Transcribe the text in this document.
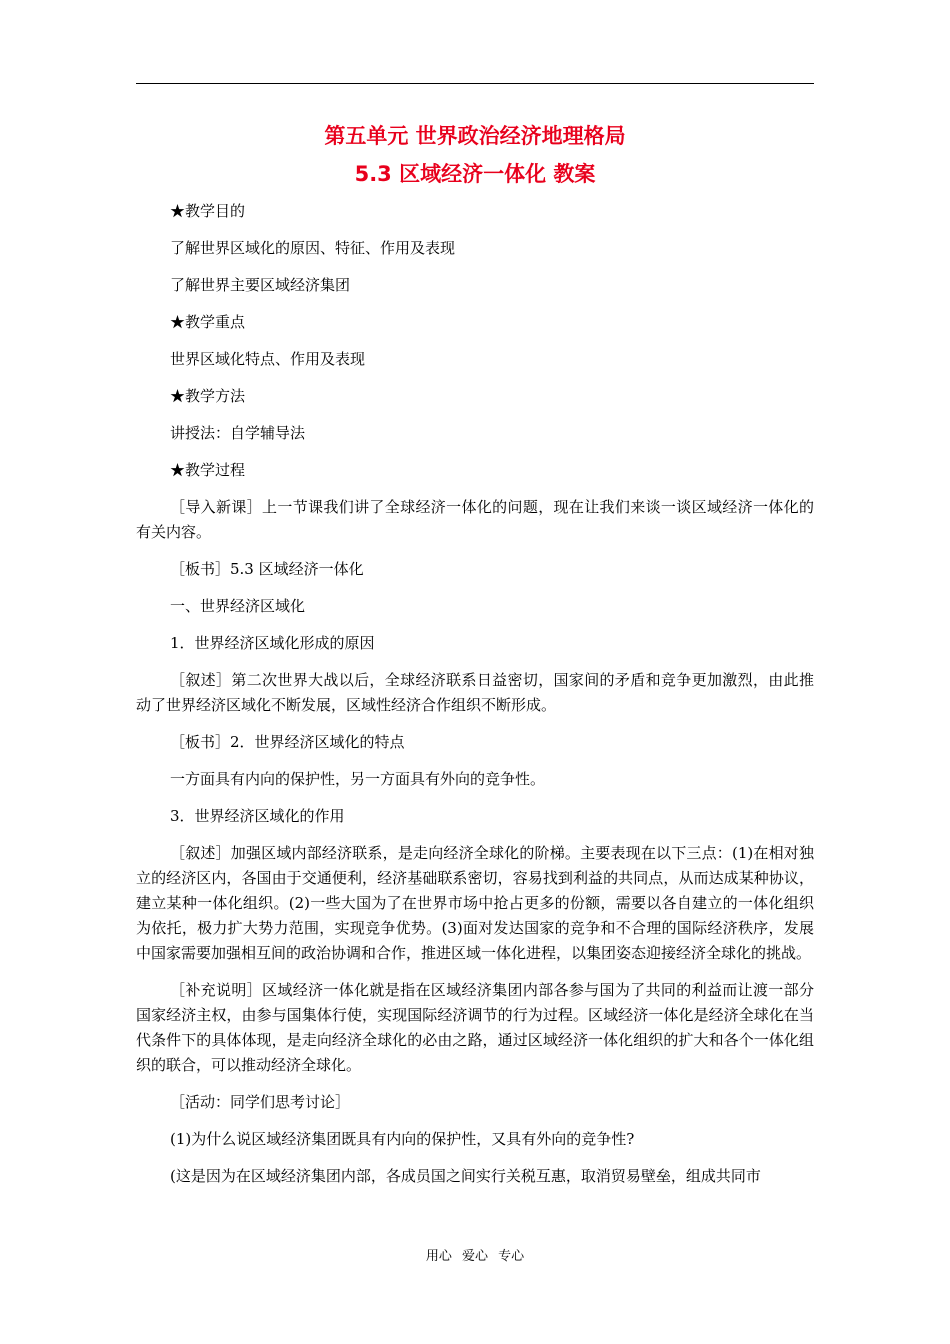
第五单元 世界政治经济地理格局
5.3 区域经济一体化 教案

★教学目的

了解世界区域化的原因、特征、作用及表现

了解世界主要区域经济集团

★教学重点

世界区域化特点、作用及表现

★教学方法

讲授法：自学辅导法

★教学过程

［导入新课］上一节课我们讲了全球经济一体化的问题，现在让我们来谈一谈区域经济一体化的有关内容。

［板书］5.3 区域经济一体化

一、世界经济区域化

1．世界经济区域化形成的原因

［叙述］第二次世界大战以后，全球经济联系日益密切，国家间的矛盾和竞争更加激烈，由此推动了世界经济区域化不断发展，区域性经济合作组织不断形成。

［板书］2．世界经济区域化的特点

一方面具有内向的保护性，另一方面具有外向的竞争性。

3．世界经济区域化的作用

［叙述］加强区域内部经济联系，是走向经济全球化的阶梯。主要表现在以下三点：(1)在相对独立的经济区内，各国由于交通便利，经济基础联系密切，容易找到利益的共同点，从而达成某种协议，建立某种一体化组织。(2)一些大国为了在世界市场中抢占更多的份额，需要以各自建立的一体化组织为依托，极力扩大势力范围，实现竞争优势。(3)面对发达国家的竞争和不合理的国际经济秩序，发展中国家需要加强相互间的政治协调和合作，推进区域一体化进程，以集团姿态迎接经济全球化的挑战。

［补充说明］区域经济一体化就是指在区域经济集团内部各参与国为了共同的利益而让渡一部分国家经济主权，由参与国集体行使，实现国际经济调节的行为过程。区域经济一体化是经济全球化在当代条件下的具体体现，是走向经济全球化的必由之路，通过区域经济一体化组织的扩大和各个一体化组织的联合，可以推动经济全球化。

［活动：同学们思考讨论］

(1)为什么说区域经济集团既具有内向的保护性，又具有外向的竞争性?

(这是因为在区域经济集团内部，各成员国之间实行关税互惠，取消贸易壁垒，组成共同市

用心 爱心 专心
